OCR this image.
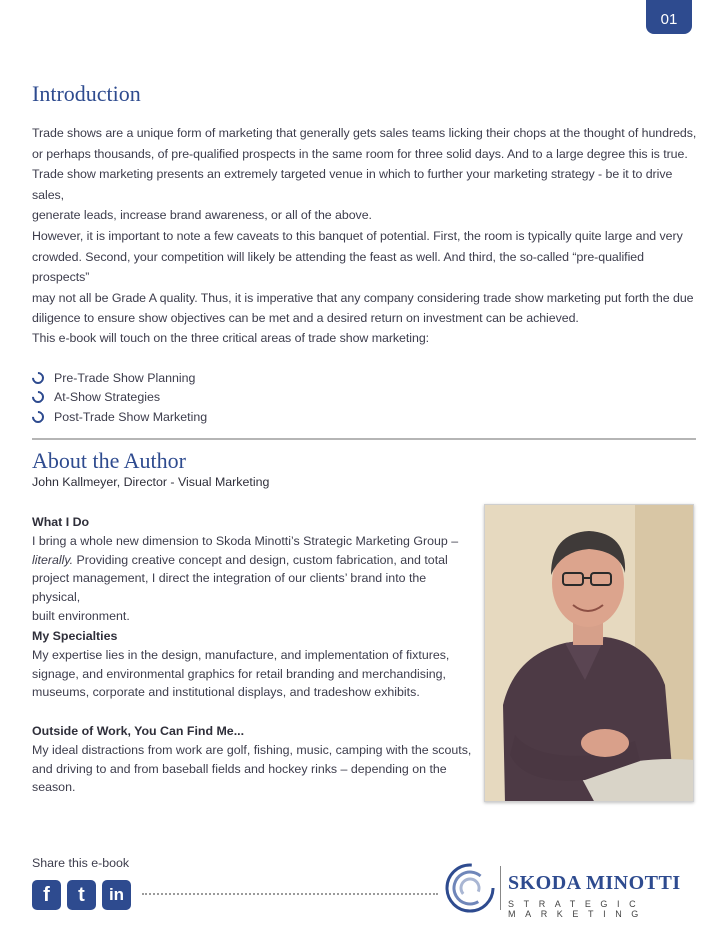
01
Introduction
Trade shows are a unique form of marketing that generally gets sales teams licking their chops at the thought of hundreds,
or perhaps thousands, of pre-qualified prospects in the same room for three solid days. And to a large degree this is true.
Trade show marketing presents an extremely targeted venue in which to further your marketing strategy - be it to drive sales,
generate leads, increase brand awareness, or all of the above.
However, it is important to note a few caveats to this banquet of potential. First, the room is typically quite large and very
crowded. Second, your competition will likely be attending the feast as well. And third, the so-called “pre-qualified prospects”
may not all be Grade A quality. Thus, it is imperative that any company considering trade show marketing put forth the due
diligence to ensure show objectives can be met and a desired return on investment can be achieved.
This e-book will touch on the three critical areas of trade show marketing:
Pre-Trade Show Planning
At-Show Strategies
Post-Trade Show Marketing
About the Author
John Kallmeyer, Director - Visual Marketing
What I Do
I bring a whole new dimension to Skoda Minotti’s Strategic Marketing Group –
literally. Providing creative concept and design, custom fabrication, and total
project management, I direct the integration of our clients’ brand into the physical,
built environment.
My Specialties
My expertise lies in the design, manufacture, and implementation of fixtures,
signage, and environmental graphics for retail branding and merchandising,
museums, corporate and institutional displays, and tradeshow exhibits.
Outside of Work, You Can Find Me...
My ideal distractions from work are golf, fishing, music, camping with the scouts,
and driving to and from baseball fields and hockey rinks – depending on the season.
Share this e-book
f t in
SKODA MINOTTI
STRATEGIC MARKETING
